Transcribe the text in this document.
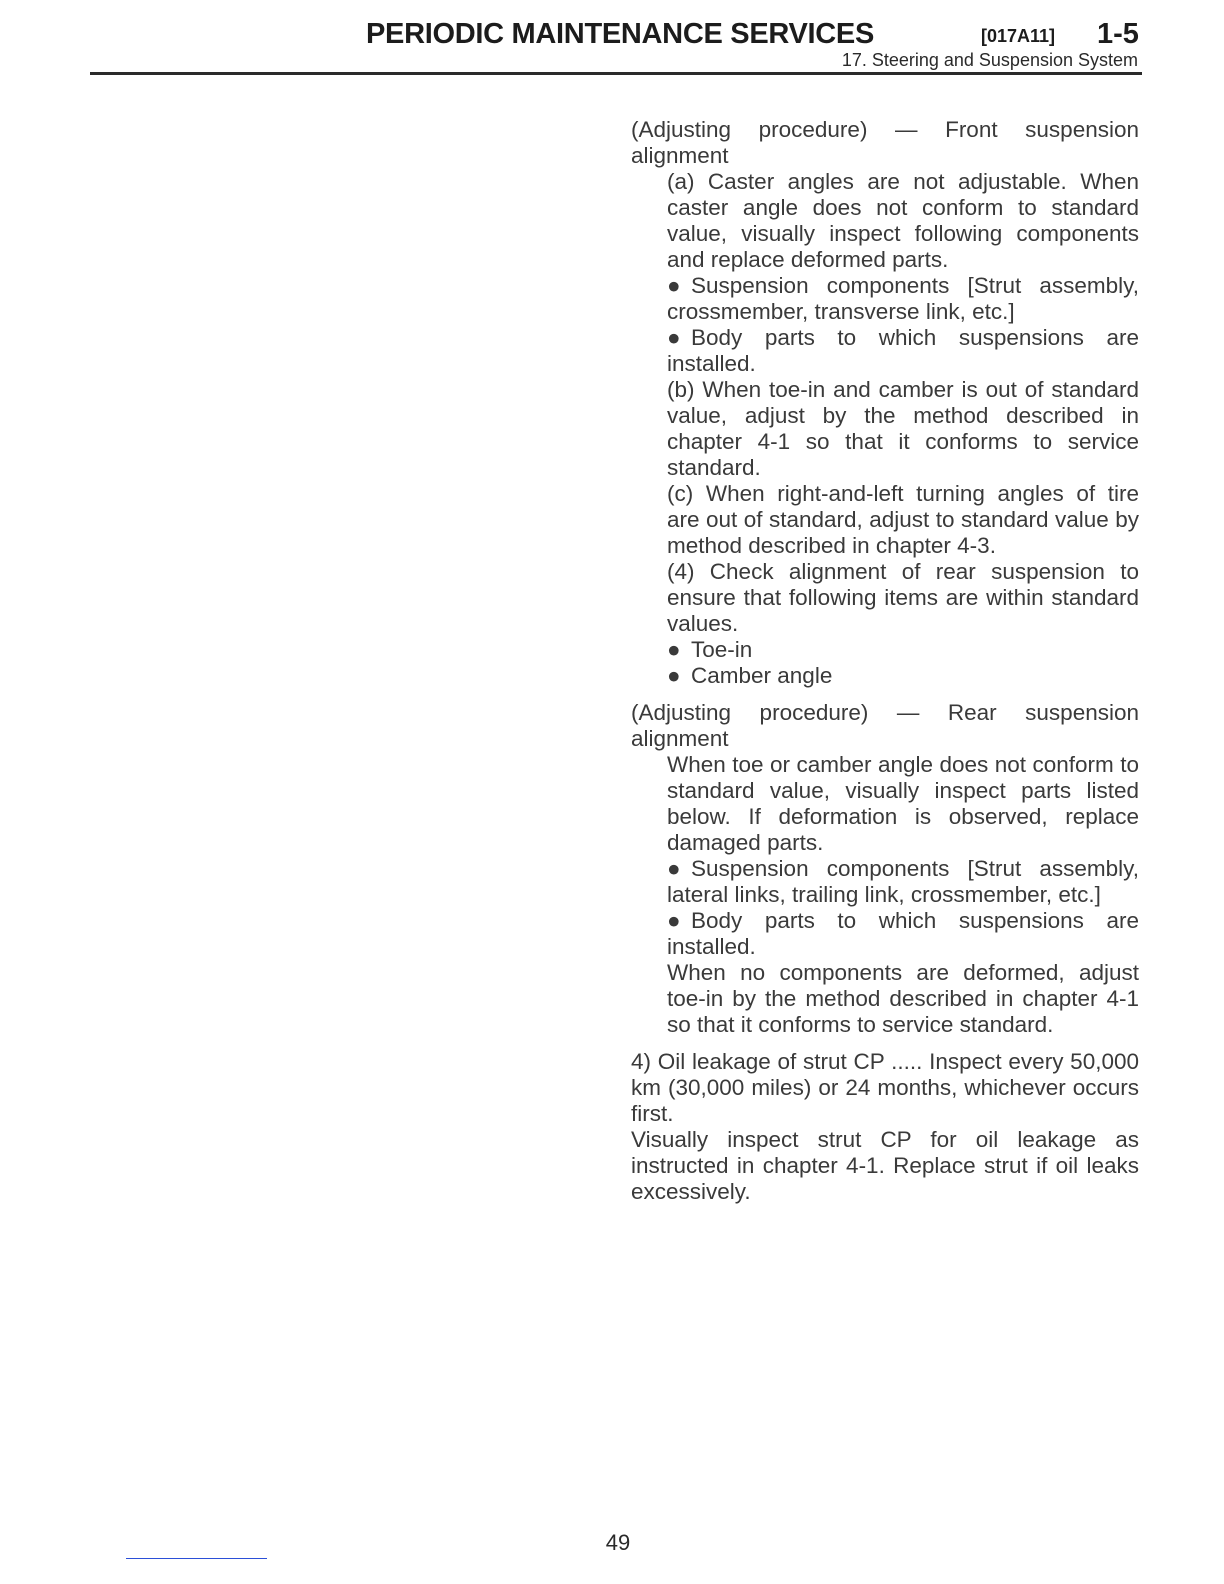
PERIODIC MAINTENANCE SERVICES	[017A11] 1-5
17. Steering and Suspension System

(Adjusting procedure) — Front suspension alignment

(a) Caster angles are not adjustable. When caster angle does not conform to standard value, visually inspect following components and replace deformed parts.

● Suspension components [Strut assembly, crossmember, transverse link, etc.]

● Body parts to which suspensions are installed.

(b) When toe-in and camber is out of standard value, adjust by the method described in chapter 4-1 so that it conforms to service standard.

(c) When right-and-left turning angles of tire are out of standard, adjust to standard value by method described in chapter 4-3.

(4) Check alignment of rear suspension to ensure that following items are within standard values.

● Toe-in

● Camber angle

(Adjusting procedure) — Rear suspension alignment

When toe or camber angle does not conform to standard value, visually inspect parts listed below. If deformation is observed, replace damaged parts.

● Suspension components [Strut assembly, lateral links, trailing link, crossmember, etc.]

● Body parts to which suspensions are installed.

When no components are deformed, adjust toe-in by the method described in chapter 4-1 so that it conforms to service standard.

4) Oil leakage of strut CP ..... Inspect every 50,000 km (30,000 miles) or 24 months, whichever occurs first.

Visually inspect strut CP for oil leakage as instructed in chapter 4-1. Replace strut if oil leaks excessively.

49
